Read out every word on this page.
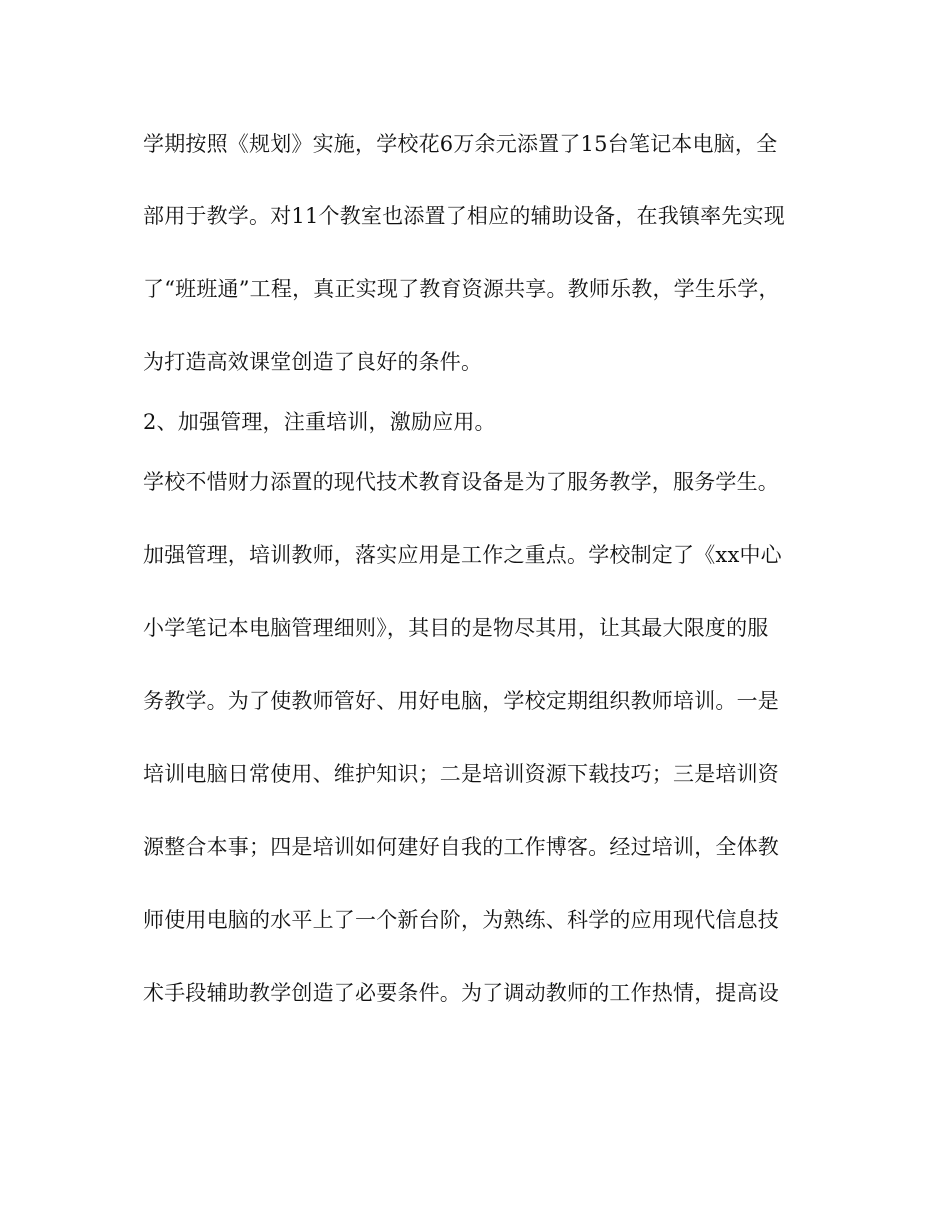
学期按照《规划》实施，学校花6万余元添置了15台笔记本电脑，全
部用于教学。对11个教室也添置了相应的辅助设备，在我镇率先实现
了“班班通”工程，真正实现了教育资源共享。教师乐教，学生乐学，
为打造高效课堂创造了良好的条件。
2、加强管理，注重培训，激励应用。
学校不惜财力添置的现代技术教育设备是为了服务教学，服务学生。
加强管理，培训教师，落实应用是工作之重点。学校制定了《xx中心
小学笔记本电脑管理细则》，其目的是物尽其用，让其最大限度的服
务教学。为了使教师管好、用好电脑，学校定期组织教师培训。一是
培训电脑日常使用、维护知识；二是培训资源下载技巧；三是培训资
源整合本事；四是培训如何建好自我的工作博客。经过培训，全体教
师使用电脑的水平上了一个新台阶，为熟练、科学的应用现代信息技
术手段辅助教学创造了必要条件。为了调动教师的工作热情，提高设
